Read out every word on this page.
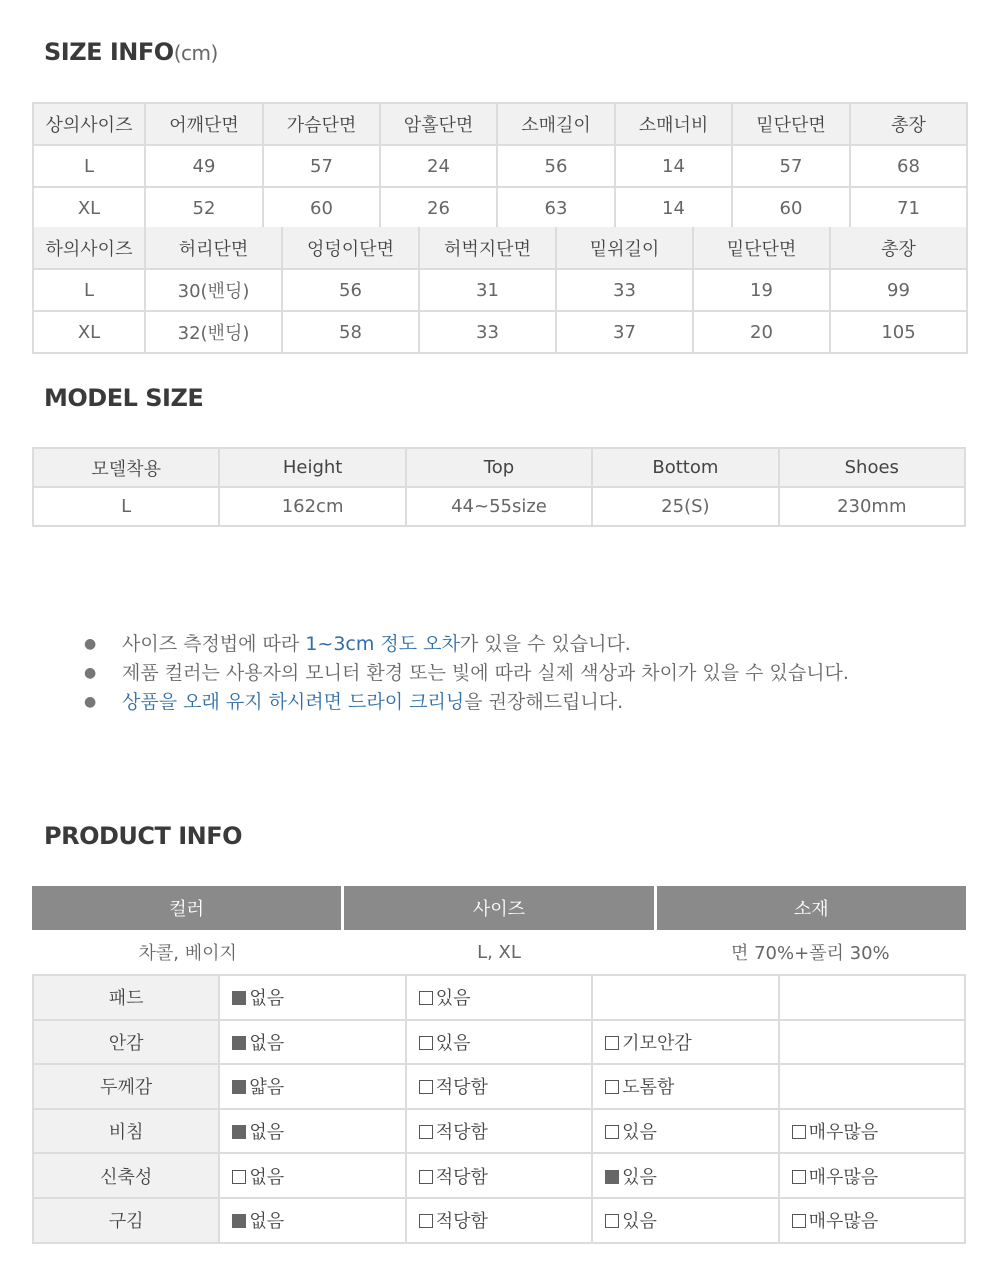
SIZE INFO(cm)
상의사이즈	어깨단면	가슴단면	암홀단면	소매길이	소매너비	밑단단면	총장
L	49	57	24	56	14	57	68
XL	52	60	26	63	14	60	71
하의사이즈	허리단면	엉덩이단면	허벅지단면	밑위길이	밑단단면	총장
L	30(밴딩)	56	31	33	19	99
XL	32(밴딩)	58	33	37	20	105
MODEL SIZE
모델착용	Height	Top	Bottom	Shoes
L	162cm	44~55size	25(S)	230mm
● 사이즈 측정법에 따라 1~3cm 정도 오차가 있을 수 있습니다.
● 제품 컬러는 사용자의 모니터 환경 또는 빛에 따라 실제 색상과 차이가 있을 수 있습니다.
● 상품을 오래 유지 하시려면 드라이 크리닝을 권장해드립니다.
PRODUCT INFO
컬러	사이즈	소재
차콜, 베이지	L, XL	면 70%+폴리 30%
패드	없음	있음		
안감	없음	있음	기모안감	
두께감	얇음	적당함	도톰함	
비침	없음	적당함	있음	매우많음
신축성	없음	적당함	있음	매우많음
구김	없음	적당함	있음	매우많음
